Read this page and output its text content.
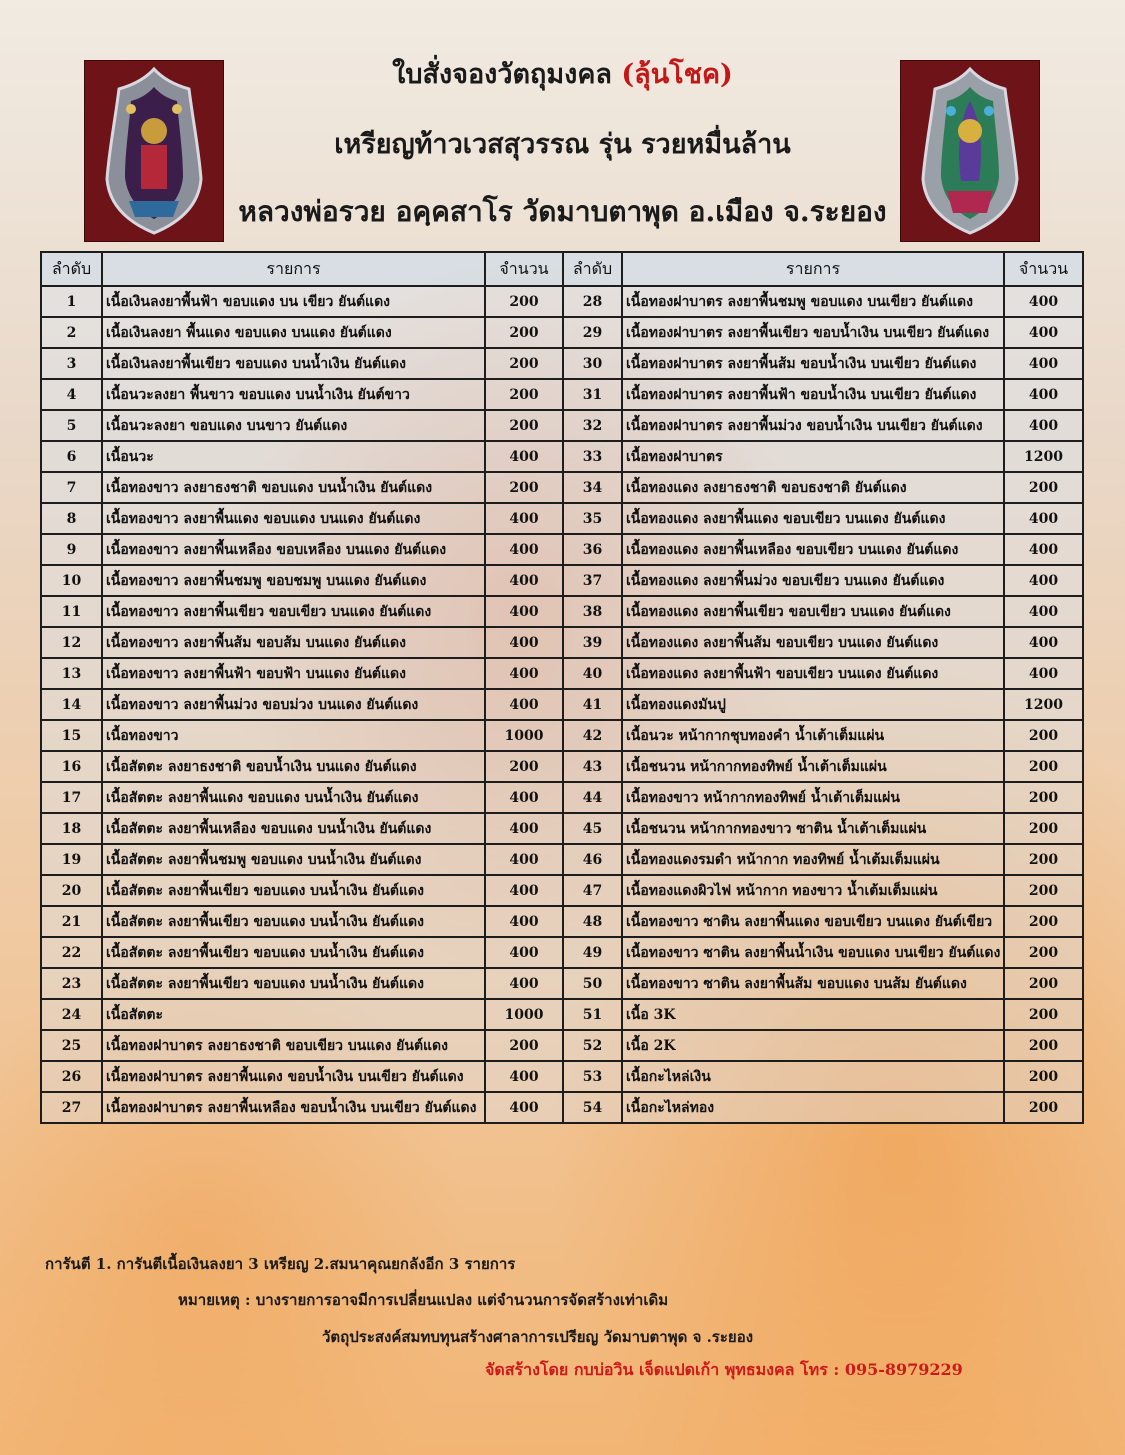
ใบสั่งจองวัตถุมงคล (ลุ้นโชค)
เหรียญท้าวเวสสุวรรณ รุ่น รวยหมื่นล้าน
หลวงพ่อรวย อคฺคสาโร วัดมาบตาพุด อ.เมือง จ.ระยอง
ลำดับ	รายการ	จำนวน	ลำดับ	รายการ	จำนวน
1	เนื้อเงินลงยาพื้นฟ้า ขอบแดง บน เขียว ยันต์แดง	200	28	เนื้อทองฝาบาตร ลงยาพื้นชมพู ขอบแดง บนเขียว ยันต์แดง	400
2	เนื้อเงินลงยา พื้นแดง ขอบแดง บนแดง ยันต์แดง	200	29	เนื้อทองฝาบาตร ลงยาพื้นเขียว ขอบน้ำเงิน บนเขียว ยันต์แดง	400
3	เนื้อเงินลงยาพื้นเขียว ขอบแดง บนน้ำเงิน ยันต์แดง	200	30	เนื้อทองฝาบาตร ลงยาพื้นส้ม ขอบน้ำเงิน บนเขียว ยันต์แดง	400
4	เนื้อนวะลงยา พื้นขาว ขอบแดง บนน้ำเงิน ยันต์ขาว	200	31	เนื้อทองฝาบาตร ลงยาพื้นฟ้า ขอบน้ำเงิน บนเขียว ยันต์แดง	400
5	เนื้อนวะลงยา ขอบแดง บนขาว ยันต์แดง	200	32	เนื้อทองฝาบาตร ลงยาพื้นม่วง ขอบน้ำเงิน บนเขียว ยันต์แดง	400
6	เนื้อนวะ	400	33	เนื้อทองฝาบาตร	1200
7	เนื้อทองขาว ลงยาธงชาติ ขอบแดง บนน้ำเงิน ยันต์แดง	200	34	เนื้อทองแดง ลงยาธงชาติ ขอบธงชาติ ยันต์แดง	200
8	เนื้อทองขาว ลงยาพื้นแดง ขอบแดง บนแดง ยันต์แดง	400	35	เนื้อทองแดง ลงยาพื้นแดง ขอบเขียว บนแดง ยันต์แดง	400
9	เนื้อทองขาว ลงยาพื้นเหลือง ขอบเหลือง บนแดง ยันต์แดง	400	36	เนื้อทองแดง ลงยาพื้นเหลือง ขอบเขียว บนแดง ยันต์แดง	400
10	เนื้อทองขาว ลงยาพื้นชมพู ขอบชมพู บนแดง ยันต์แดง	400	37	เนื้อทองแดง ลงยาพื้นม่วง ขอบเขียว บนแดง ยันต์แดง	400
11	เนื้อทองขาว ลงยาพื้นเขียว ขอบเขียว บนแดง ยันต์แดง	400	38	เนื้อทองแดง ลงยาพื้นเขียว ขอบเขียว บนแดง ยันต์แดง	400
12	เนื้อทองขาว ลงยาพื้นส้ม ขอบส้ม บนแดง ยันต์แดง	400	39	เนื้อทองแดง ลงยาพื้นส้ม ขอบเขียว บนแดง ยันต์แดง	400
13	เนื้อทองขาว ลงยาพื้นฟ้า ขอบฟ้า บนแดง ยันต์แดง	400	40	เนื้อทองแดง ลงยาพื้นฟ้า ขอบเขียว บนแดง ยันต์แดง	400
14	เนื้อทองขาว ลงยาพื้นม่วง ขอบม่วง บนแดง ยันต์แดง	400	41	เนื้อทองแดงมันปู	1200
15	เนื้อทองขาว	1000	42	เนื้อนวะ หน้ากากชุบทองคำ น้ำเต้าเต็มแผ่น	200
16	เนื้อสัตตะ ลงยาธงชาติ ขอบน้ำเงิน บนแดง ยันต์แดง	200	43	เนื้อชนวน หน้ากากทองทิพย์ น้ำเต้าเต็มแผ่น	200
17	เนื้อสัตตะ ลงยาพื้นแดง ขอบแดง บนน้ำเงิน ยันต์แดง	400	44	เนื้อทองขาว หน้ากากทองทิพย์ น้ำเต้าเต็มแผ่น	200
18	เนื้อสัตตะ ลงยาพื้นเหลือง ขอบแดง บนน้ำเงิน ยันต์แดง	400	45	เนื้อชนวน หน้ากากทองขาว ซาติน น้ำเต้าเต็มแผ่น	200
19	เนื้อสัตตะ ลงยาพื้นชมพู ขอบแดง บนน้ำเงิน ยันต์แดง	400	46	เนื้อทองแดงรมดำ หน้ากาก ทองทิพย์ น้ำเต้มเต็มแผ่น	200
20	เนื้อสัตตะ ลงยาพื้นเขียว ขอบแดง บนน้ำเงิน ยันต์แดง	400	47	เนื้อทองแดงผิวไฟ หน้ากาก ทองขาว น้ำเต้มเต็มแผ่น	200
21	เนื้อสัตตะ ลงยาพื้นเขียว ขอบแดง บนน้ำเงิน ยันต์แดง	400	48	เนื้อทองขาว ซาติน ลงยาพื้นแดง ขอบเขียว บนแดง ยันต์เขียว	200
22	เนื้อสัตตะ ลงยาพื้นเขียว ขอบแดง บนน้ำเงิน ยันต์แดง	400	49	เนื้อทองขาว ซาติน ลงยาพื้นน้ำเงิน ขอบแดง บนเขียว ยันต์แดง	200
23	เนื้อสัตตะ ลงยาพื้นเขียว ขอบแดง บนน้ำเงิน ยันต์แดง	400	50	เนื้อทองขาว ซาติน ลงยาพื้นส้ม ขอบแดง บนส้ม ยันต์แดง	200
24	เนื้อสัตตะ	1000	51	เนื้อ 3K	200
25	เนื้อทองฝาบาตร ลงยาธงชาติ ขอบเขียว บนแดง ยันต์แดง	200	52	เนื้อ 2K	200
26	เนื้อทองฝาบาตร ลงยาพื้นแดง ขอบน้ำเงิน บนเขียว ยันต์แดง	400	53	เนื้อกะไหล่เงิน	200
27	เนื้อทองฝาบาตร ลงยาพื้นเหลือง ขอบน้ำเงิน บนเขียว ยันต์แดง	400	54	เนื้อกะไหล่ทอง	200
การันตี 1. การันตีเนื้อเงินลงยา 3 เหรียญ 2.สมนาคุณยกลังอีก 3 รายการ
หมายเหตุ : บางรายการอาจมีการเปลี่ยนแปลง แต่จำนวนการจัดสร้างเท่าเดิม
วัตถุประสงค์สมทบทุนสร้างศาลาการเปรียญ วัดมาบตาพุด จ .ระยอง
จัดสร้างโดย กบบ่อวิน เจ็ดแปดเก้า พุทธมงคล โทร : 095-8979229
